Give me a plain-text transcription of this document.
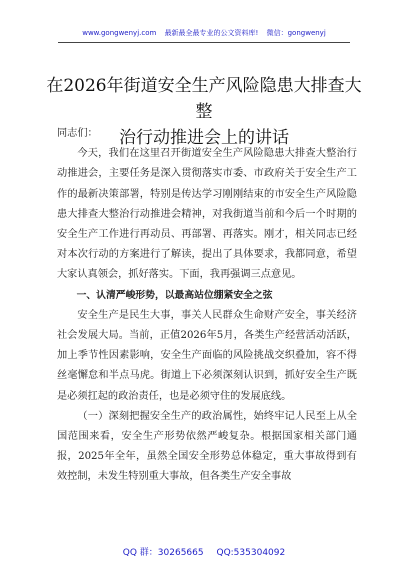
www.gongwenyj.com 最新最全最专业的公文资料库! 微信：gongwenyj
在2026年街道安全生产风险隐患大排查大整
治行动推进会上的讲话

同志们：

今天，我们在这里召开街道安全生产风险隐患大排查大整治行动推进会，主要任务是深入贯彻落实市委、市政府关于安全生产工作的最新决策部署，特别是传达学习刚刚结束的市安全生产风险隐患大排查大整治行动推进会精神，对我街道当前和今后一个时期的安全生产工作进行再动员、再部署、再落实。刚才，相关同志已经对本次行动的方案进行了解读，提出了具体要求，我都同意，希望大家认真领会，抓好落实。下面，我再强调三点意见。

一、认清严峻形势，以最高站位绷紧安全之弦

安全生产是民生大事，事关人民群众生命财产安全，事关经济社会发展大局。当前，正值2026年5月，各类生产经营活动活跃，加上季节性因素影响，安全生产面临的风险挑战交织叠加，容不得丝毫懈怠和半点马虎。街道上下必须深刻认识到，抓好安全生产既是必须扛起的政治责任，也是必须守住的发展底线。

（一）深刻把握安全生产的政治属性，始终牢记人民至上从全国范围来看，安全生产形势依然严峻复杂。根据国家相关部门通报，2025年全年，虽然全国安全形势总体稳定，重大事故得到有效控制，未发生特别重大事故，但各类生产安全事故

QQ 群：30265665 QQ:535304092
